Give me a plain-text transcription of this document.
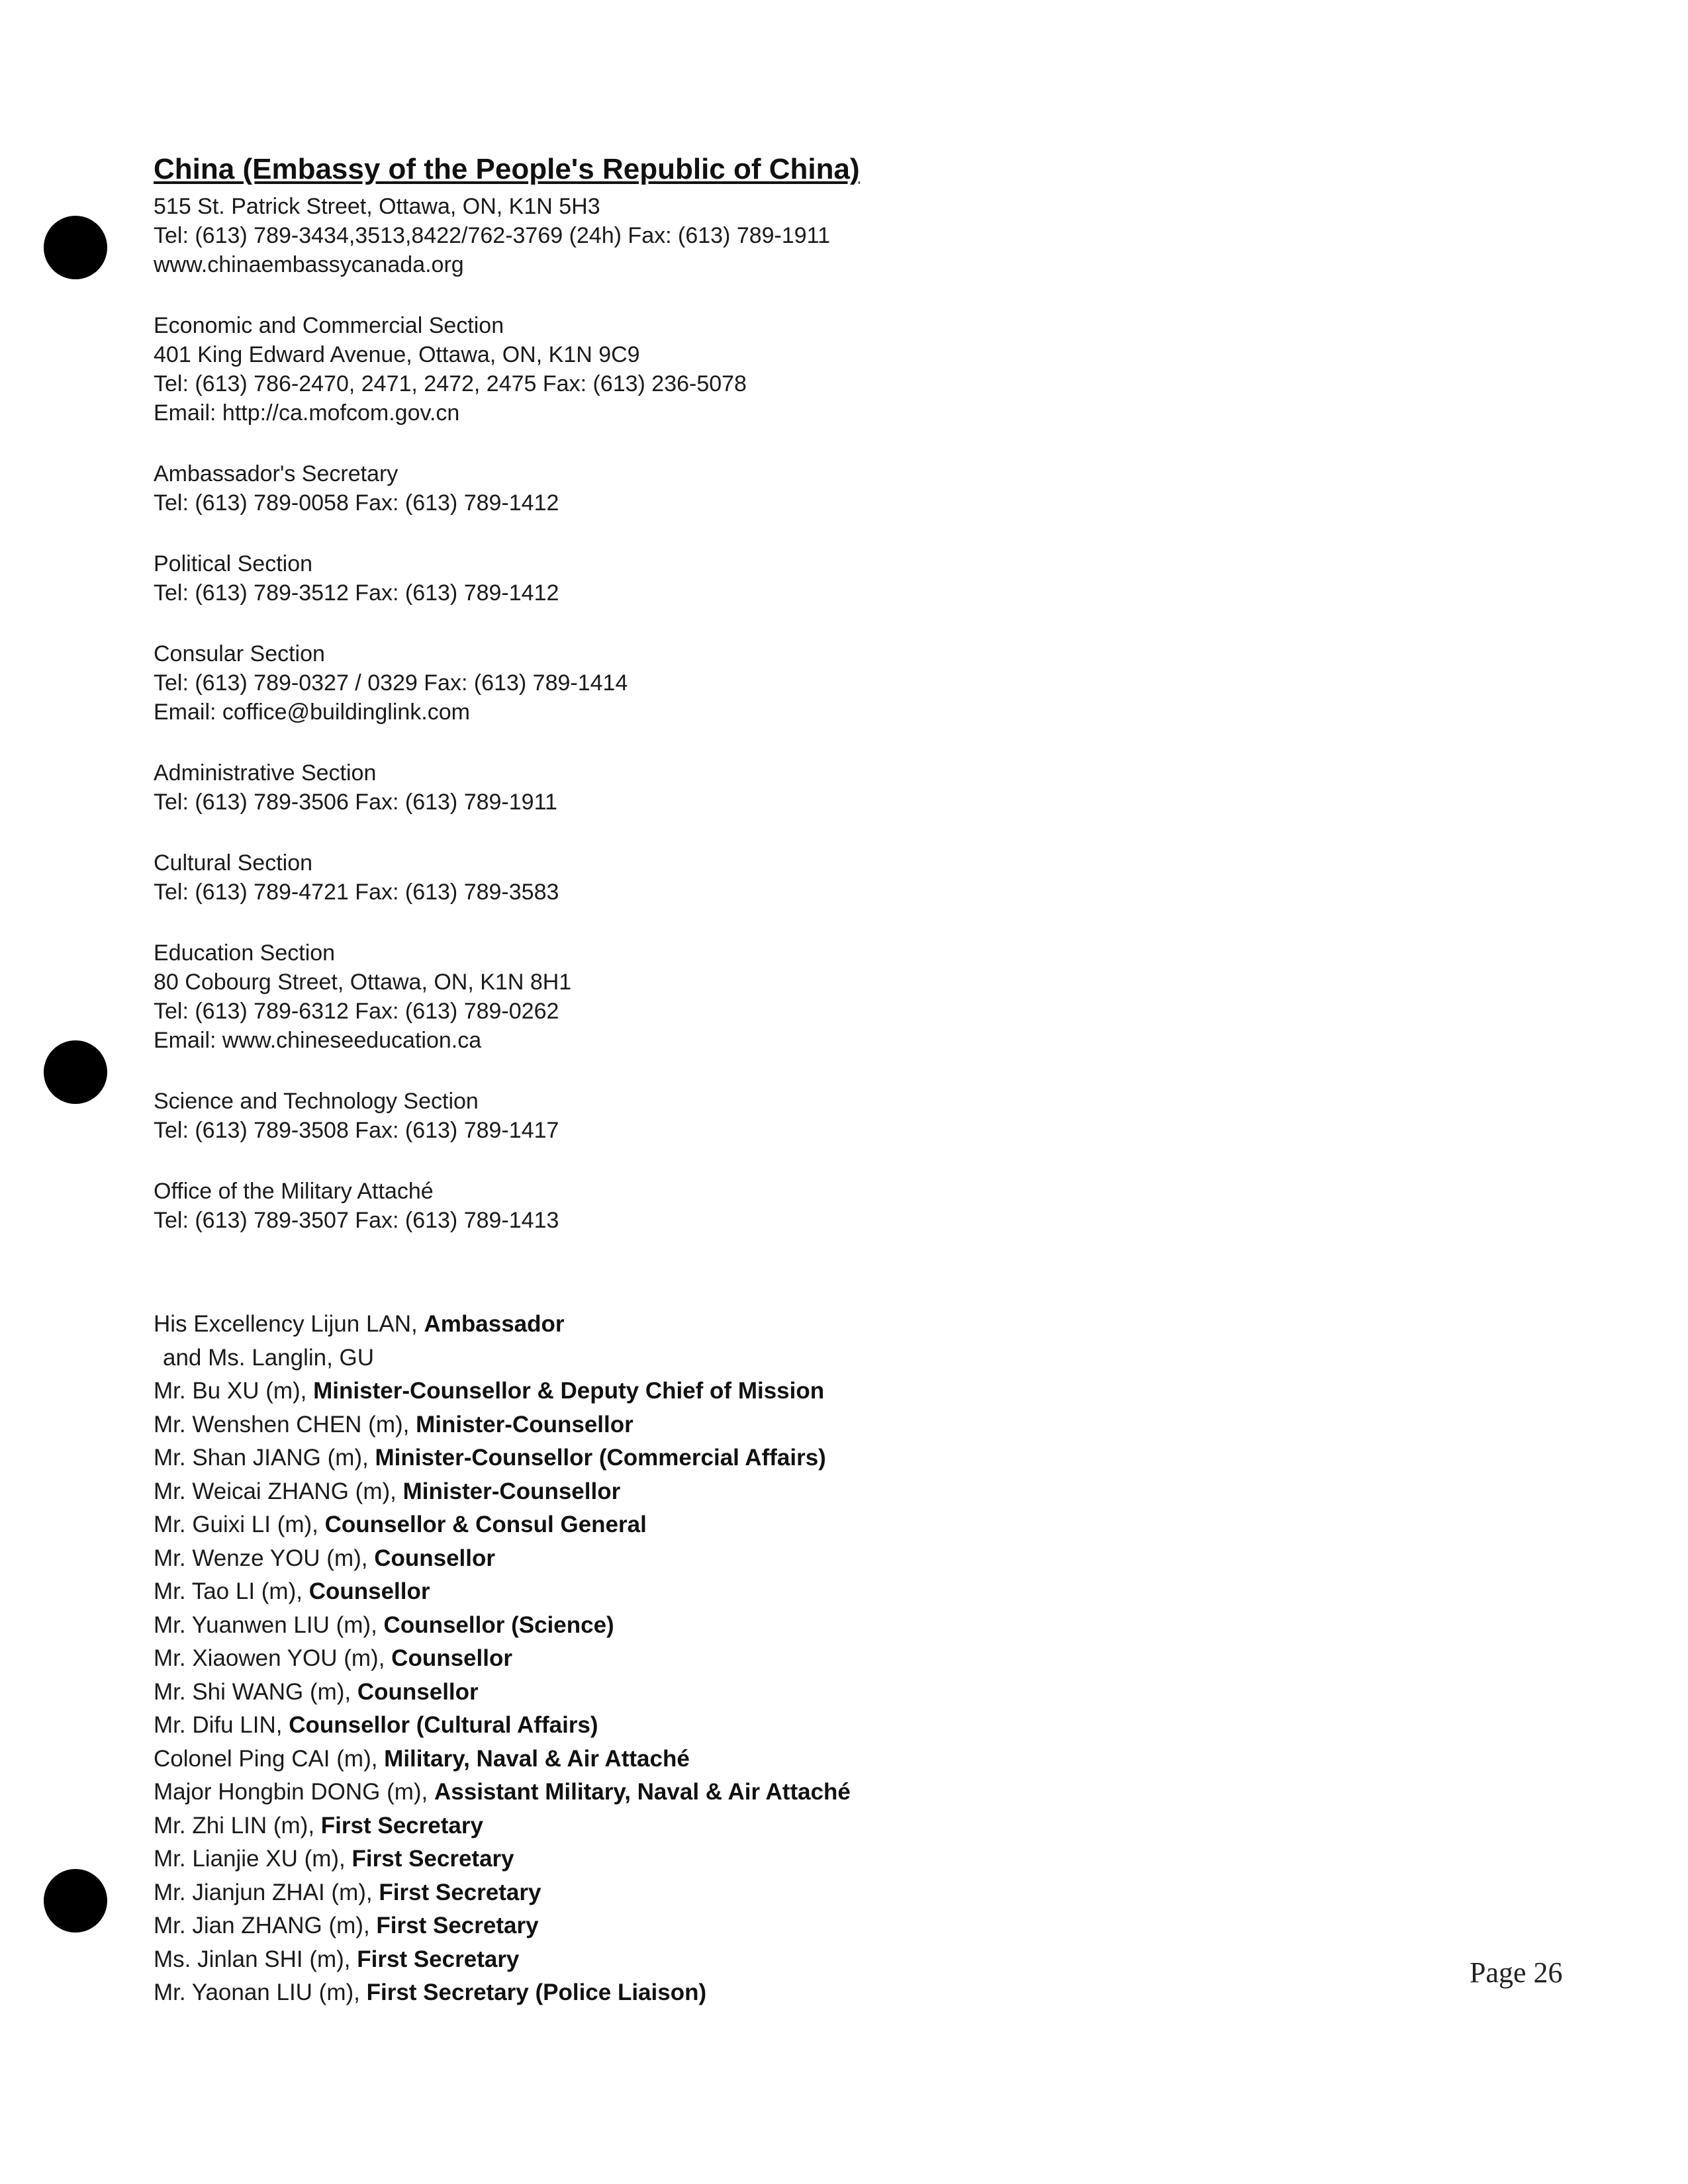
China (Embassy of the People's Republic of China)
515 St. Patrick Street, Ottawa, ON, K1N 5H3
Tel: (613) 789-3434,3513,8422/762-3769 (24h) Fax: (613) 789-1911
www.chinaembassycanada.org
Economic and Commercial Section
401 King Edward Avenue, Ottawa, ON, K1N 9C9
Tel: (613) 786-2470, 2471, 2472, 2475 Fax: (613) 236-5078
Email: http://ca.mofcom.gov.cn
Ambassador's Secretary
Tel: (613) 789-0058 Fax: (613) 789-1412
Political Section
Tel: (613) 789-3512 Fax: (613) 789-1412
Consular Section
Tel: (613) 789-0327 / 0329 Fax: (613) 789-1414
Email: coffice@buildinglink.com
Administrative Section
Tel: (613) 789-3506 Fax: (613) 789-1911
Cultural Section
Tel: (613) 789-4721 Fax: (613) 789-3583
Education Section
80 Cobourg Street, Ottawa, ON, K1N 8H1
Tel: (613) 789-6312 Fax: (613) 789-0262
Email: www.chineseeducation.ca
Science and Technology Section
Tel: (613) 789-3508 Fax: (613) 789-1417
Office of the Military Attaché
Tel: (613) 789-3507 Fax: (613) 789-1413
His Excellency Lijun LAN, Ambassador
and Ms. Langlin, GU
Mr. Bu XU (m), Minister-Counsellor & Deputy Chief of Mission
Mr. Wenshen CHEN (m), Minister-Counsellor
Mr. Shan JIANG (m), Minister-Counsellor (Commercial Affairs)
Mr. Weicai ZHANG (m), Minister-Counsellor
Mr. Guixi LI (m), Counsellor & Consul General
Mr. Wenze YOU (m), Counsellor
Mr. Tao LI (m), Counsellor
Mr. Yuanwen LIU (m), Counsellor (Science)
Mr. Xiaowen YOU (m), Counsellor
Mr. Shi WANG (m), Counsellor
Mr. Difu LIN, Counsellor (Cultural Affairs)
Colonel Ping CAI (m), Military, Naval & Air Attaché
Major Hongbin DONG (m), Assistant Military, Naval & Air Attaché
Mr. Zhi LIN (m), First Secretary
Mr. Lianjie XU (m), First Secretary
Mr. Jianjun ZHAI (m), First Secretary
Mr. Jian ZHANG (m), First Secretary
Ms. Jinlan SHI (m), First Secretary
Mr. Yaonan LIU (m), First Secretary (Police Liaison)
Page 26
